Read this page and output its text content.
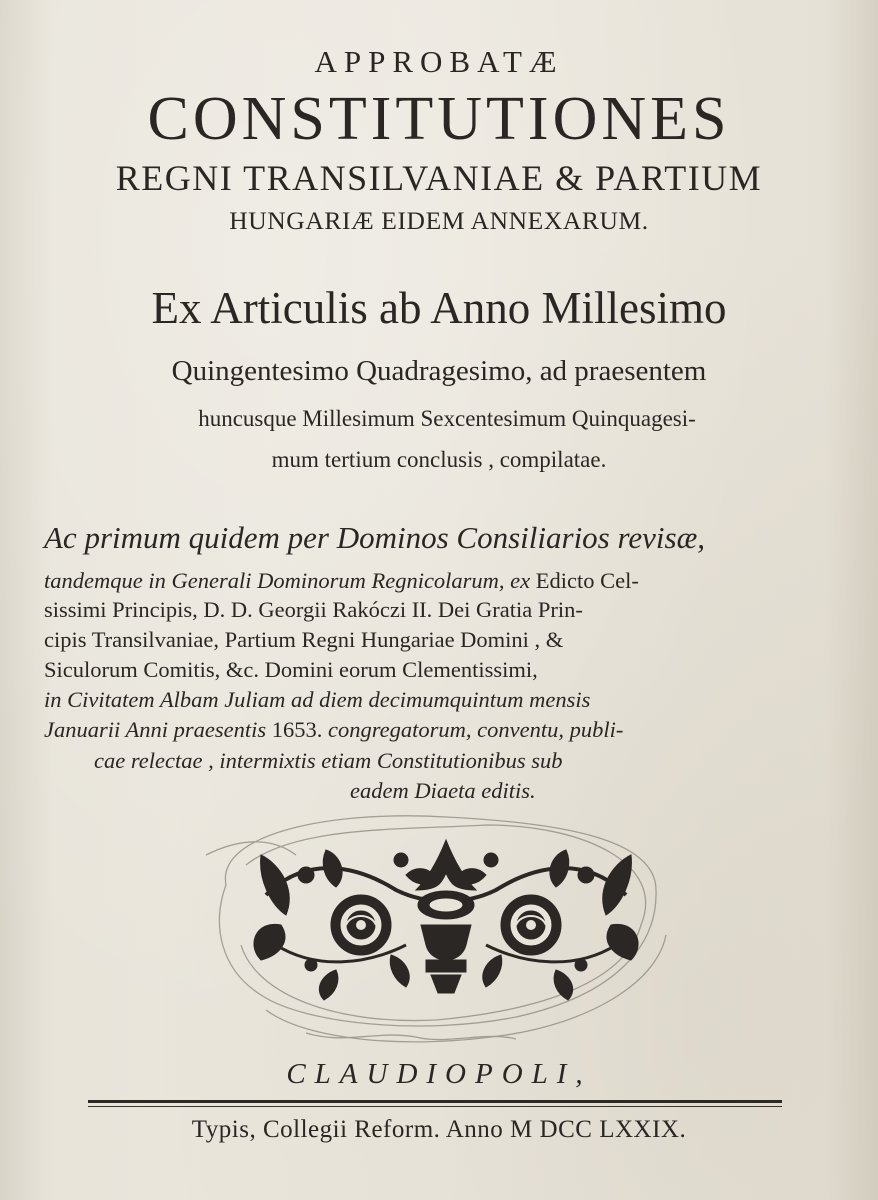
APPROBATÆ

CONSTITUTIONES

REGNI TRANSILVANIAE & PARTIUM

HUNGARIÆ EIDEM ANNEXARUM.

Ex Articulis ab Anno Millesimo

Quingentesimo Quadragesimo, ad praesentem

huncusque Millesimum Sexcentesimum Quinquagesi-

mum tertium conclusis , compilatae.

Ac primum quidem per Dominos Consiliarios revisæ,
tandemque in Generali Dominorum Regnicolarum, ex Edicto Cel-
sissimi Principis, D. D. Georgii Rakóczi II. Dei Gratia Prin-
cipis Transilvaniae, Partium Regni Hungariae Domini , &
Siculorum Comitis, &c. Domini eorum Clementissimi,
in Civitatem Albam Juliam ad diem decimumquintum mensis
Januarii Anni praesentis 1653. congregatorum, conventu, publi-
cae relectae , intermixtis etiam Constitutionibus sub
eadem Diaeta editis.

CLAUDIOPOLI,

Typis, Collegii Reform. Anno M DCC LXXIX.
